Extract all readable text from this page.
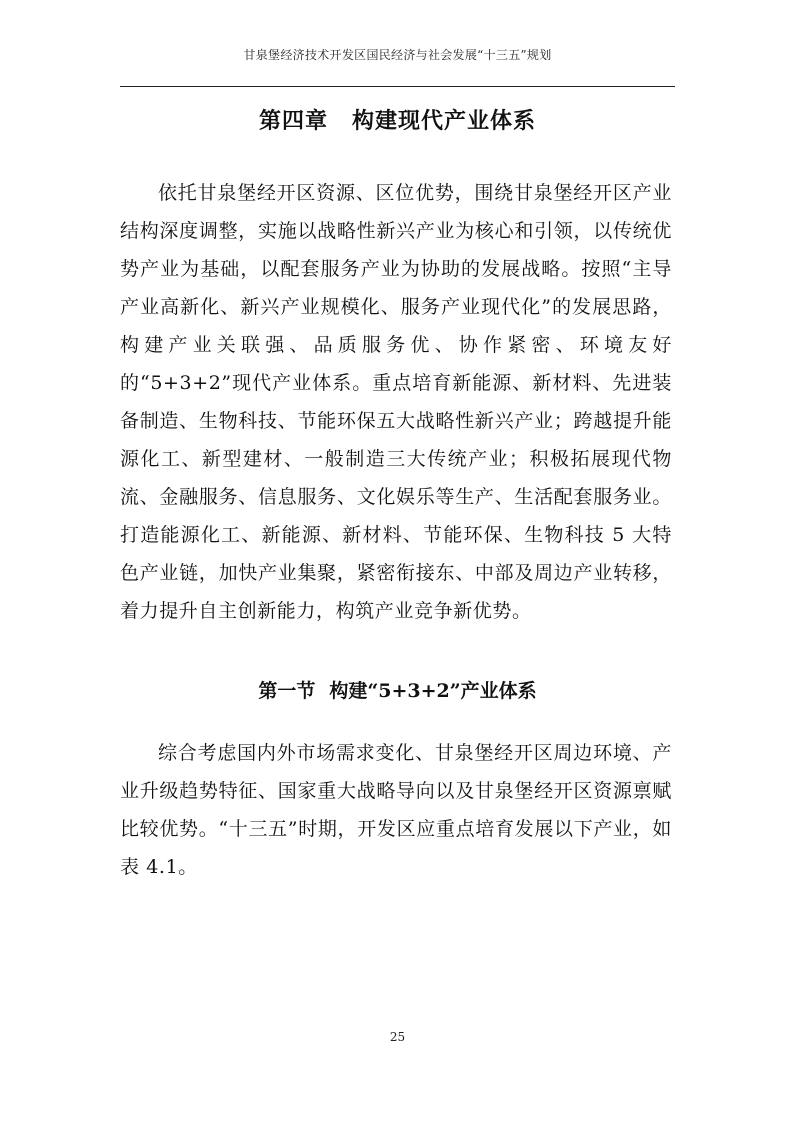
甘泉堡经济技术开发区国民经济与社会发展“十三五”规划
第四章 构建现代产业体系

依托甘泉堡经开区资源、区位优势，围绕甘泉堡经开区产业结构深度调整，实施以战略性新兴产业为核心和引领，以传统优势产业为基础，以配套服务产业为协助的发展战略。按照“主导产业高新化、新兴产业规模化、服务产业现代化”的发展思路，构建产业关联强、品质服务优、协作紧密、环境友好的“5+3+2”现代产业体系。重点培育新能源、新材料、先进装备制造、生物科技、节能环保五大战略性新兴产业；跨越提升能源化工、新型建材、一般制造三大传统产业；积极拓展现代物流、金融服务、信息服务、文化娱乐等生产、生活配套服务业。打造能源化工、新能源、新材料、节能环保、生物科技 5 大特色产业链，加快产业集聚，紧密衔接东、中部及周边产业转移，着力提升自主创新能力，构筑产业竞争新优势。

第一节 构建“5+3+2”产业体系

综合考虑国内外市场需求变化、甘泉堡经开区周边环境、产业升级趋势特征、国家重大战略导向以及甘泉堡经开区资源禀赋比较优势。“十三五”时期，开发区应重点培育发展以下产业，如表 4.1。

25
